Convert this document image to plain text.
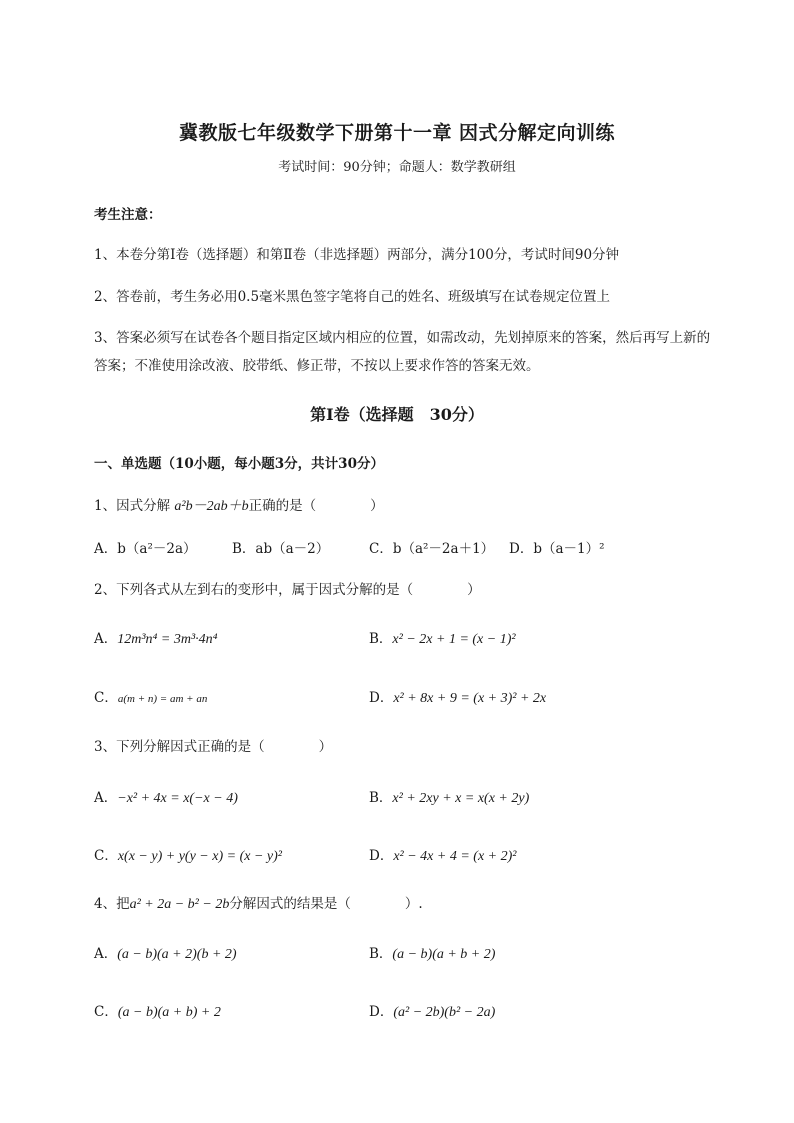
冀教版七年级数学下册第十一章 因式分解定向训练
考试时间：90分钟；命题人：数学教研组
考生注意：
1、本卷分第I卷（选择题）和第Ⅱ卷（非选择题）两部分，满分100分，考试时间90分钟
2、答卷前，考生务必用0.5毫米黑色签字笔将自己的姓名、班级填写在试卷规定位置上
3、答案必须写在试卷各个题目指定区域内相应的位置，如需改动，先划掉原来的答案，然后再写上新的答案；不准使用涂改液、胶带纸、修正带，不按以上要求作答的答案无效。
第I卷（选择题　30分）
一、单选题（10小题，每小题3分，共计30分）
1、因式分解 a²b－2ab＋b正确的是（　　　　）
A．b（a²－2a）	B．ab（a－2）	C．b（a²－2a＋1） D．b（a－1）²
2、下列各式从左到右的变形中，属于因式分解的是（　　　　）
A．12m³n⁴ = 3m³·4n⁴	B．x² − 2x + 1 = (x − 1)²
C．a(m + n) = am + an	D．x² + 8x + 9 = (x + 3)² + 2x
3、下列分解因式正确的是（　　　　）
A．−x² + 4x = x(−x − 4)	B．x² + 2xy + x = x(x + 2y)
C．x(x − y) + y(y − x) = (x − y)²	D．x² − 4x + 4 = (x + 2)²
4、把a² + 2a − b² − 2b分解因式的结果是（　　　　）.
A．(a − b)(a + 2)(b + 2)	B．(a − b)(a + b + 2)
C．(a − b)(a + b) + 2	D．(a² − 2b)(b² − 2a)
